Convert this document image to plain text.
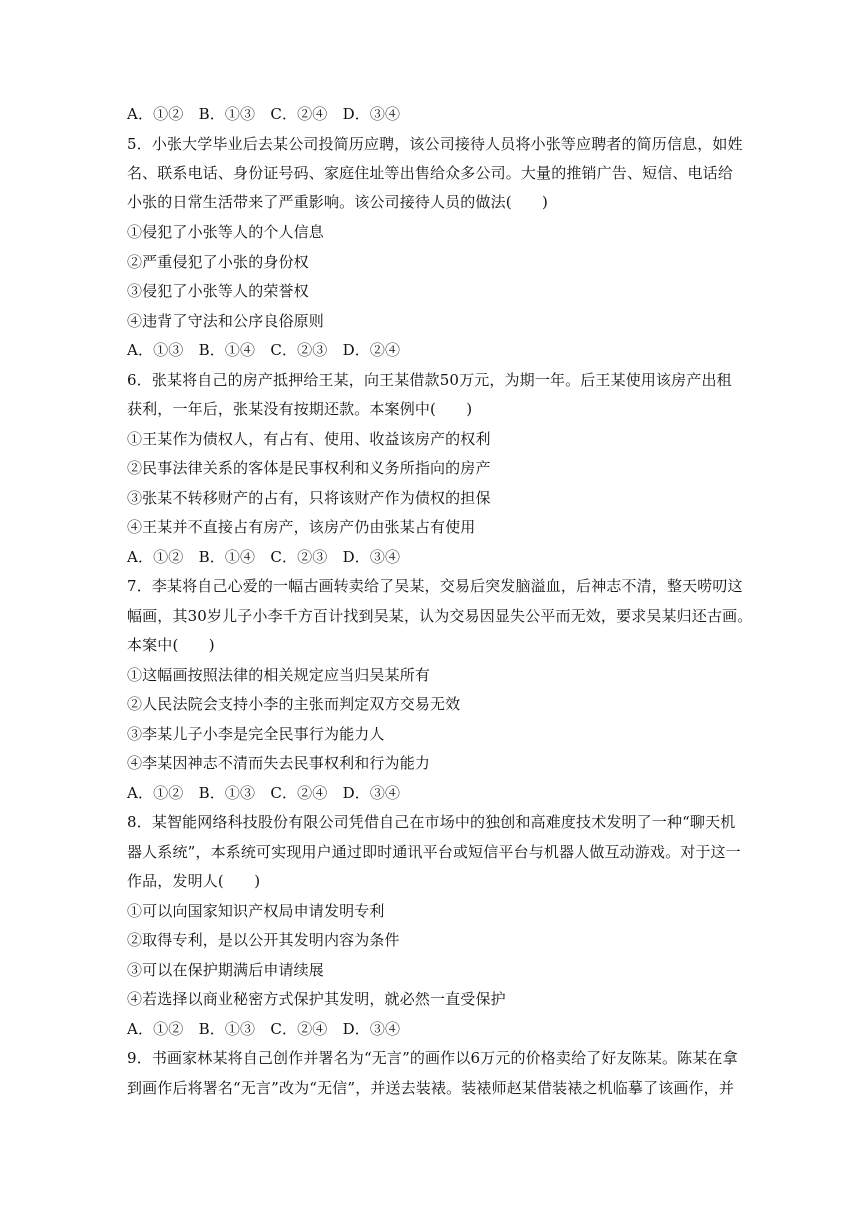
A．①②　B．①③　C．②④　D．③④
5．小张大学毕业后去某公司投简历应聘，该公司接待人员将小张等应聘者的简历信息，如姓
名、联系电话、身份证号码、家庭住址等出售给众多公司。大量的推销广告、短信、电话给
小张的日常生活带来了严重影响。该公司接待人员的做法(　　)
①侵犯了小张等人的个人信息
②严重侵犯了小张的身份权
③侵犯了小张等人的荣誉权
④违背了守法和公序良俗原则
A．①③　B．①④　C．②③　D．②④
6．张某将自己的房产抵押给王某，向王某借款50万元，为期一年。后王某使用该房产出租
获利，一年后，张某没有按期还款。本案例中(　　)
①王某作为债权人，有占有、使用、收益该房产的权利
②民事法律关系的客体是民事权利和义务所指向的房产
③张某不转移财产的占有，只将该财产作为债权的担保
④王某并不直接占有房产，该房产仍由张某占有使用
A．①②　B．①④　C．②③　D．③④
7．李某将自己心爱的一幅古画转卖给了吴某，交易后突发脑溢血，后神志不清，整天唠叨这
幅画，其30岁儿子小李千方百计找到吴某，认为交易因显失公平而无效，要求吴某归还古画。
本案中(　　)
①这幅画按照法律的相关规定应当归吴某所有
②人民法院会支持小李的主张而判定双方交易无效
③李某儿子小李是完全民事行为能力人
④李某因神志不清而失去民事权利和行为能力
A．①②　B．①③　C．②④　D．③④
8．某智能网络科技股份有限公司凭借自己在市场中的独创和高难度技术发明了一种“聊天机
器人系统”，本系统可实现用户通过即时通讯平台或短信平台与机器人做互动游戏。对于这一
作品，发明人(　　)
①可以向国家知识产权局申请发明专利
②取得专利，是以公开其发明内容为条件
③可以在保护期满后申请续展
④若选择以商业秘密方式保护其发明，就必然一直受保护
A．①②　B．①③　C．②④　D．③④
9．书画家林某将自己创作并署名为“无言”的画作以6万元的价格卖给了好友陈某。陈某在拿
到画作后将署名“无言”改为“无信”，并送去装裱。装裱师赵某借装裱之机临摹了该画作，并
